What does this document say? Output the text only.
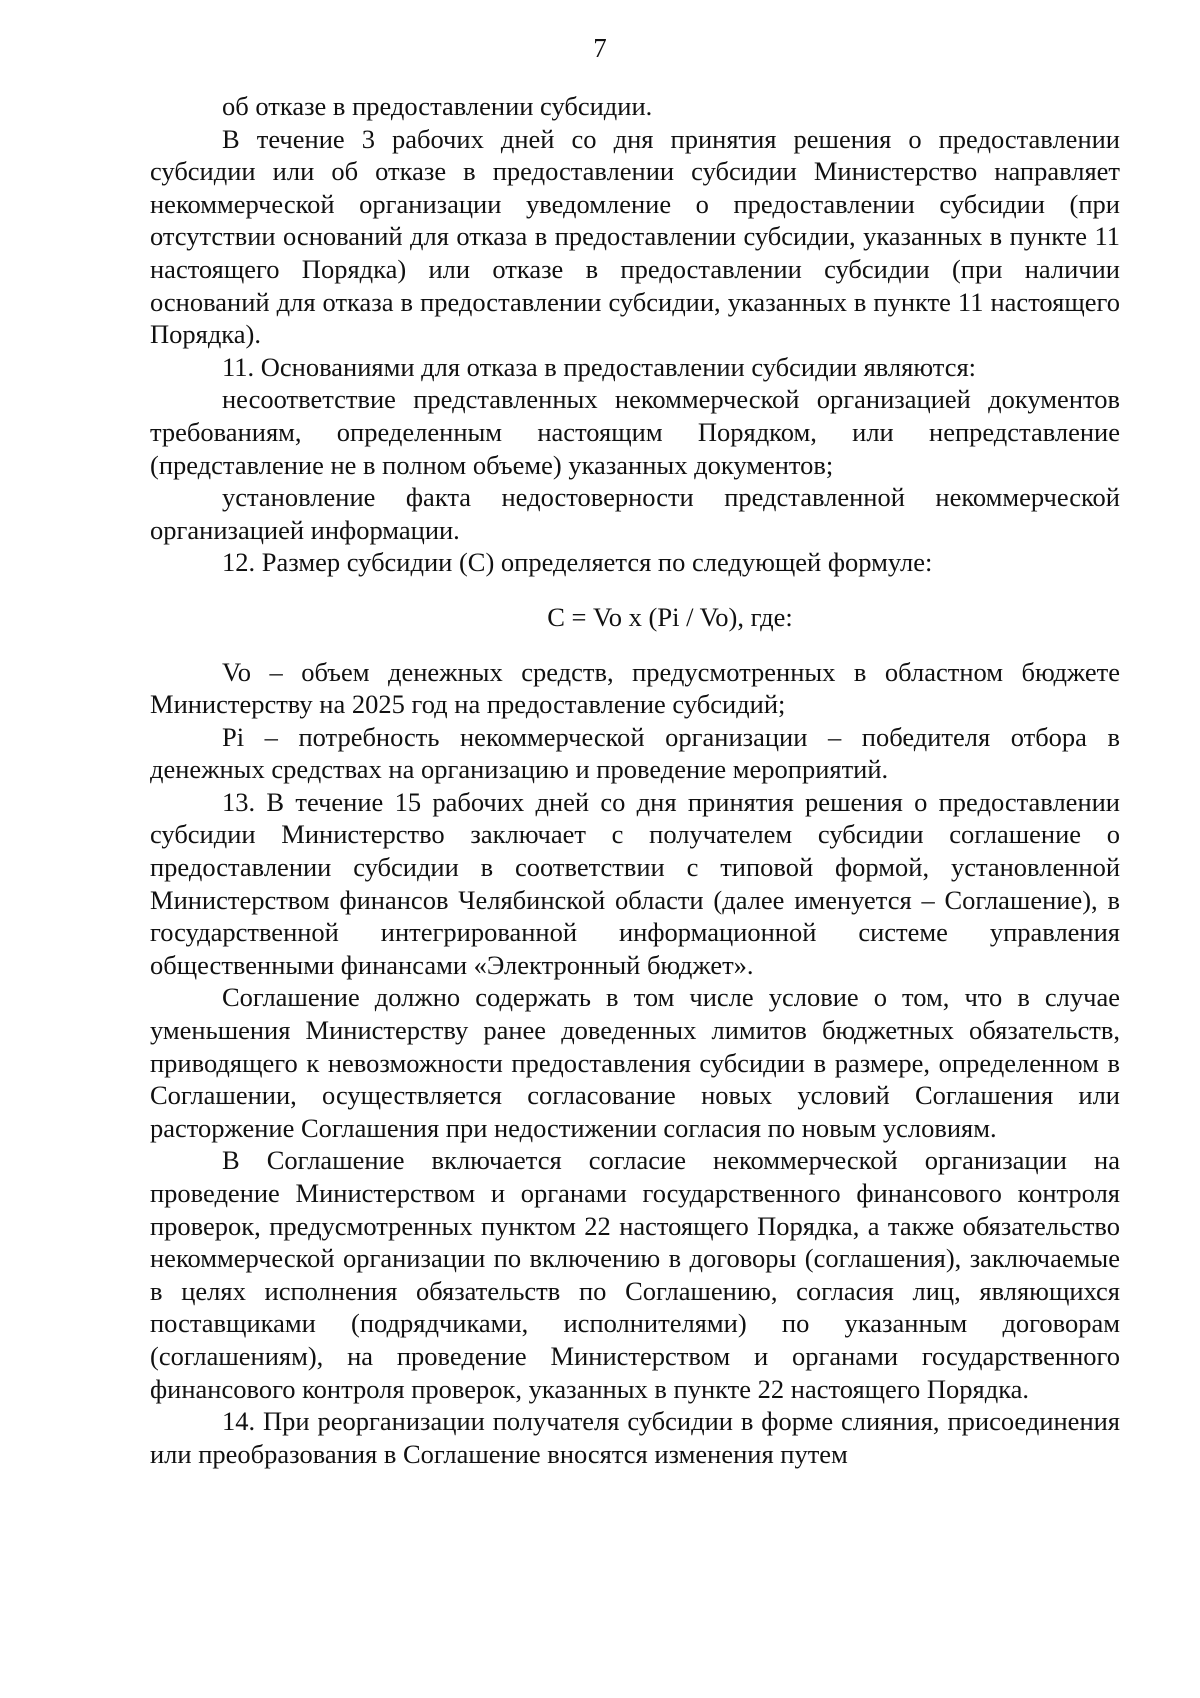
7

об отказе в предоставлении субсидии.

В течение 3 рабочих дней со дня принятия решения о предоставлении субсидии или об отказе в предоставлении субсидии Министерство направляет некоммерческой организации уведомление о предоставлении субсидии (при отсутствии оснований для отказа в предоставлении субсидии, указанных в пункте 11 настоящего Порядка) или отказе в предоставлении субсидии (при наличии оснований для отказа в предоставлении субсидии, указанных в пункте 11 настоящего Порядка).

11. Основаниями для отказа в предоставлении субсидии являются:

несоответствие представленных некоммерческой организацией документов требованиям, определенным настоящим Порядком, или непредставление (представление не в полном объеме) указанных документов;

установление факта недостоверности представленной некоммерческой организацией информации.

12. Размер субсидии (С) определяется по следующей формуле:

С = Vo x (Pi / Vo), где:

Vo – объем денежных средств, предусмотренных в областном бюджете Министерству на 2025 год на предоставление субсидий;

Pi – потребность некоммерческой организации – победителя отбора в денежных средствах на организацию и проведение мероприятий.

13. В течение 15 рабочих дней со дня принятия решения о предоставлении субсидии Министерство заключает с получателем субсидии соглашение о предоставлении субсидии в соответствии с типовой формой, установленной Министерством финансов Челябинской области (далее именуется – Соглашение), в государственной интегрированной информационной системе управления общественными финансами «Электронный бюджет».

Соглашение должно содержать в том числе условие о том, что в случае уменьшения Министерству ранее доведенных лимитов бюджетных обязательств, приводящего к невозможности предоставления субсидии в размере, определенном в Соглашении, осуществляется согласование новых условий Соглашения или расторжение Соглашения при недостижении согласия по новым условиям.

В Соглашение включается согласие некоммерческой организации на проведение Министерством и органами государственного финансового контроля проверок, предусмотренных пунктом 22 настоящего Порядка, а также обязательство некоммерческой организации по включению в договоры (соглашения), заключаемые в целях исполнения обязательств по Соглашению, согласия лиц, являющихся поставщиками (подрядчиками, исполнителями) по указанным договорам (соглашениям), на проведение Министерством и органами государственного финансового контроля проверок, указанных в пункте 22 настоящего Порядка.

14. При реорганизации получателя субсидии в форме слияния, присоединения или преобразования в Соглашение вносятся изменения путем
